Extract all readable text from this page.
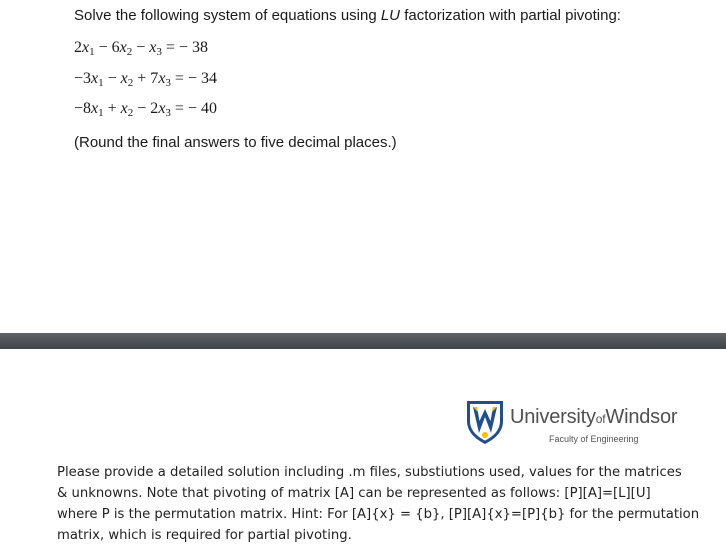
Solve the following system of equations using LU factorization with partial pivoting:
$2x_1 - 6x_2 - x_3$ = − 38
$-3x_1 - x_2 + 7x_3$ = − 34
$-8x_1 + x_2 - 2x_3$ = − 40
(Round the final answers to five decimal places.)
UniversityofWindsor
Faculty of Engineering
Please provide a detailed solution including .m files, substiutions used, values for the matrices
& unknowns. Note that pivoting of matrix [A] can be represented as follows: [P][A]=[L][U]
where P is the permutation matrix. Hint: For [A]{x} = {b}, [P][A]{x}=[P]{b} for the permutation
matrix, which is required for partial pivoting.
